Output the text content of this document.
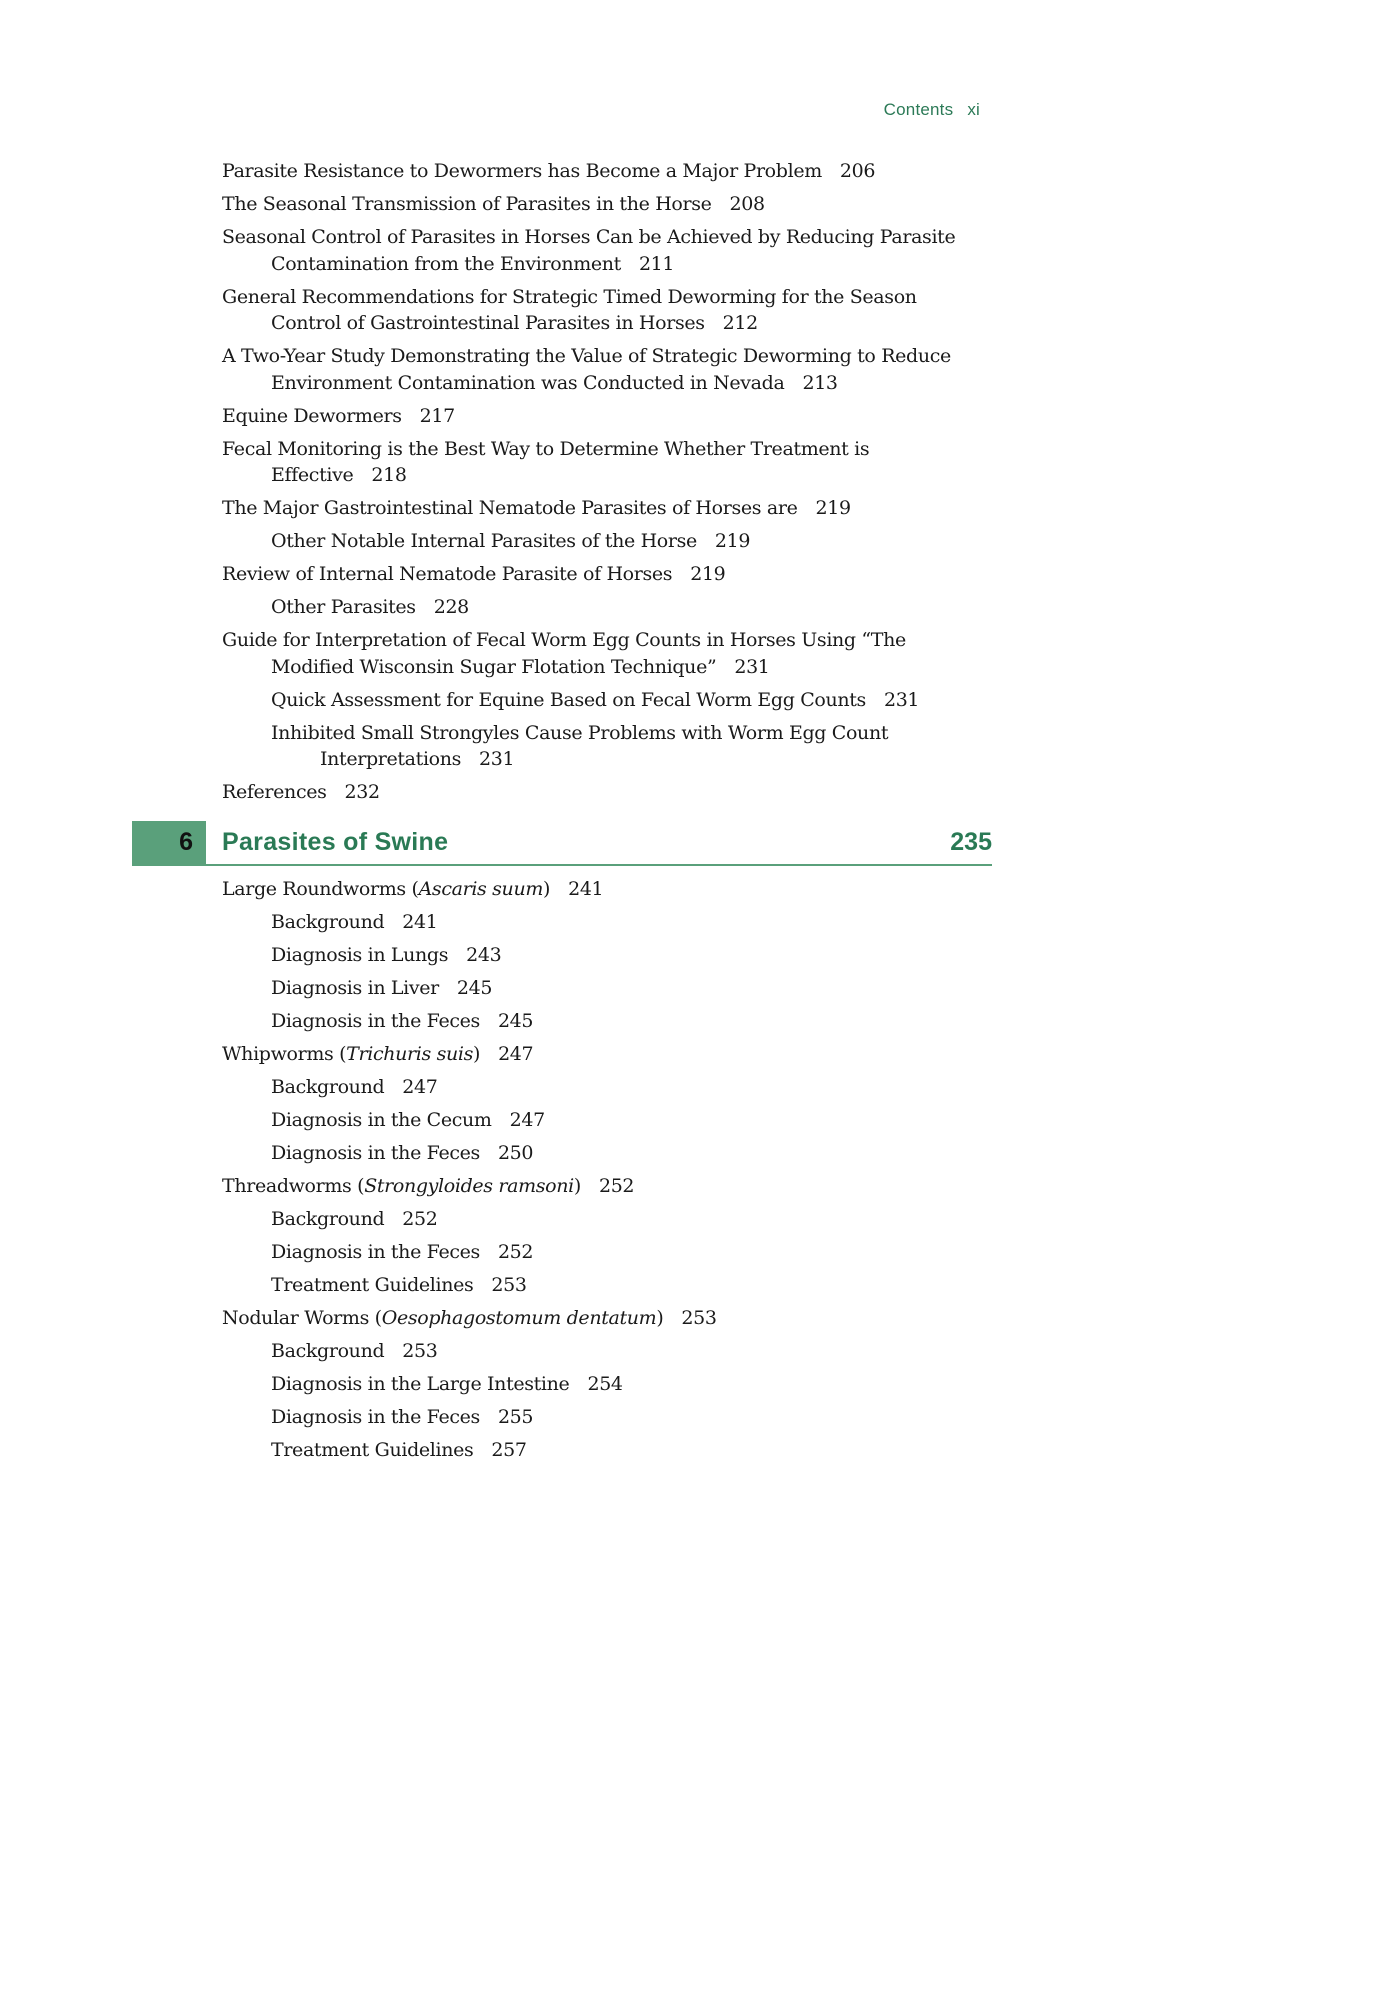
Contents xi
Parasite Resistance to Dewormers has Become a Major Problem 206
The Seasonal Transmission of Parasites in the Horse 208
Seasonal Control of Parasites in Horses Can be Achieved by Reducing Parasite Contamination from the Environment 211
General Recommendations for Strategic Timed Deworming for the Season Control of Gastrointestinal Parasites in Horses 212
A Two-Year Study Demonstrating the Value of Strategic Deworming to Reduce Environment Contamination was Conducted in Nevada 213
Equine Dewormers 217
Fecal Monitoring is the Best Way to Determine Whether Treatment is Effective 218
The Major Gastrointestinal Nematode Parasites of Horses are 219
Other Notable Internal Parasites of the Horse 219
Review of Internal Nematode Parasite of Horses 219
Other Parasites 228
Guide for Interpretation of Fecal Worm Egg Counts in Horses Using “The Modified Wisconsin Sugar Flotation Technique” 231
Quick Assessment for Equine Based on Fecal Worm Egg Counts 231
Inhibited Small Strongyles Cause Problems with Worm Egg Count Interpretations 231
References 232
6 Parasites of Swine	235
Large Roundworms (Ascaris suum) 241
Background 241
Diagnosis in Lungs 243
Diagnosis in Liver 245
Diagnosis in the Feces 245
Whipworms (Trichuris suis) 247
Background 247
Diagnosis in the Cecum 247
Diagnosis in the Feces 250
Threadworms (Strongyloides ramsoni) 252
Background 252
Diagnosis in the Feces 252
Treatment Guidelines 253
Nodular Worms (Oesophagostomum dentatum) 253
Background 253
Diagnosis in the Large Intestine 254
Diagnosis in the Feces 255
Treatment Guidelines 257
